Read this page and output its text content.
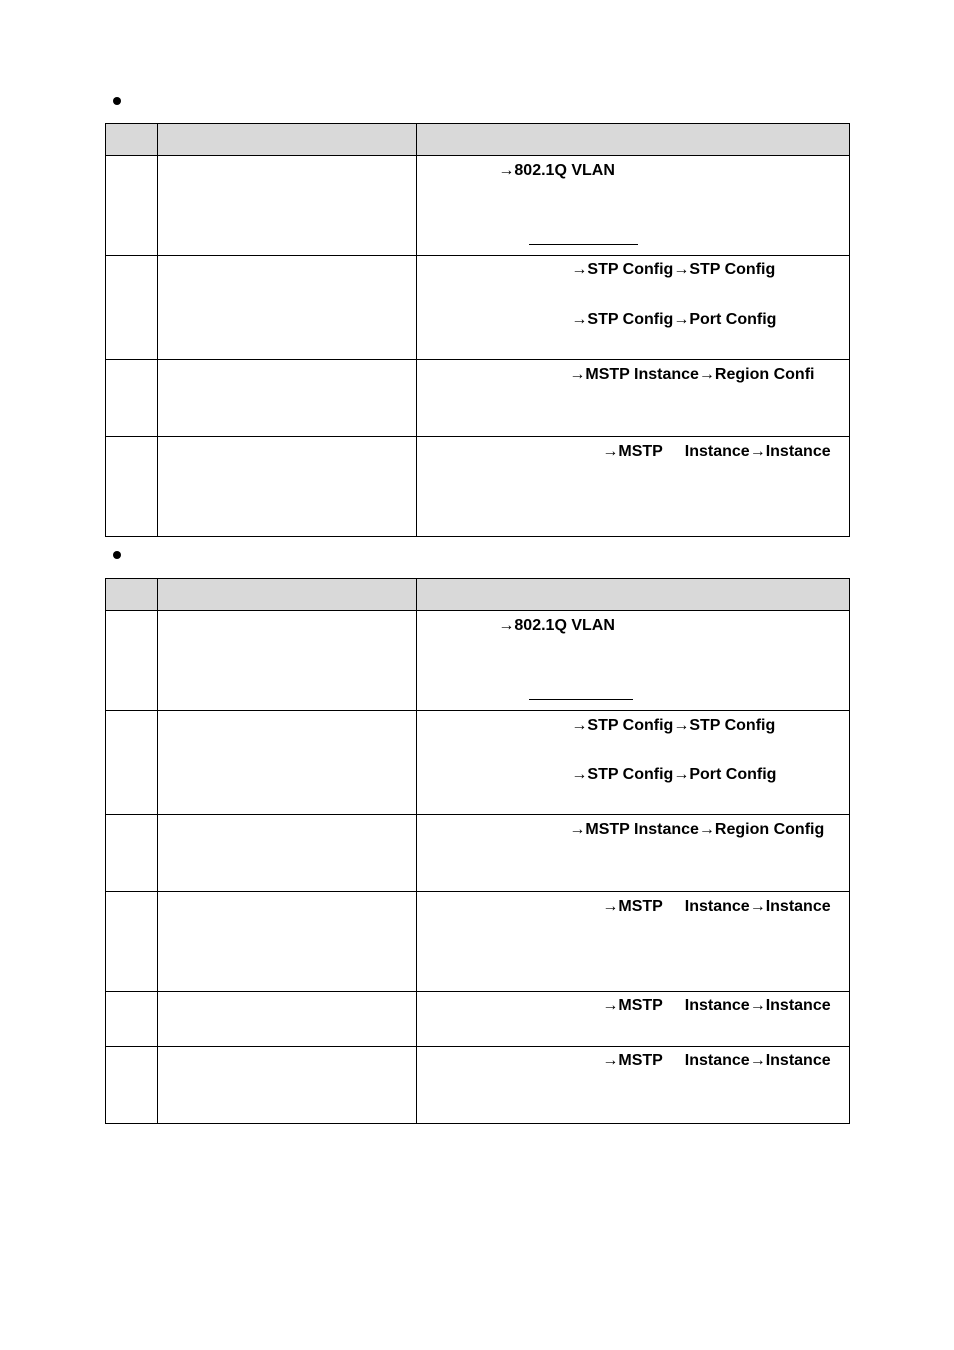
		→802.1Q VLAN

		→STP Config→STP Config
→STP Config→Port Config

		→MSTP Instance→Region Confi

		→MSTP     Instance→Instance

		→802.1Q VLAN

		→STP Config→STP Config
→STP Config→Port Config

		→MSTP Instance→Region Config

		→MSTP     Instance→Instance

		→MSTP     Instance→Instance

		→MSTP     Instance→Instance
